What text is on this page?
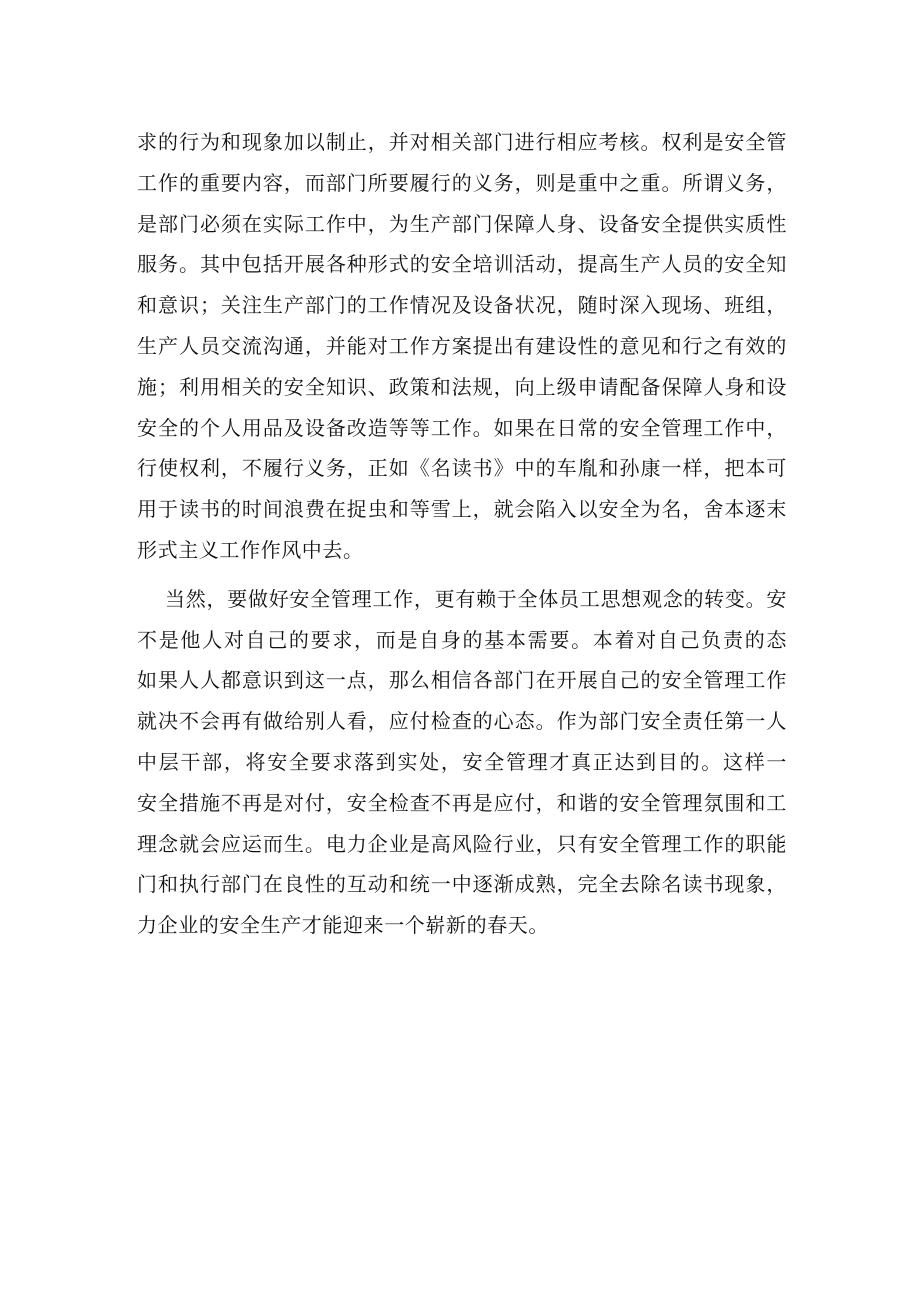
求的行为和现象加以制止，并对相关部门进行相应考核。权利是安全管
工作的重要内容，而部门所要履行的义务，则是重中之重。所谓义务，
是部门必须在实际工作中，为生产部门保障人身、设备安全提供实质性
服务。其中包括开展各种形式的安全培训活动，提高生产人员的安全知
和意识；关注生产部门的工作情况及设备状况，随时深入现场、班组，
生产人员交流沟通，并能对工作方案提出有建设性的意见和行之有效的
施；利用相关的安全知识、政策和法规，向上级申请配备保障人身和设
安全的个人用品及设备改造等等工作。如果在日常的安全管理工作中，
行使权利，不履行义务，正如《名读书》中的车胤和孙康一样，把本可
用于读书的时间浪费在捉虫和等雪上，就会陷入以安全为名，舍本逐末
形式主义工作作风中去。
当然，要做好安全管理工作，更有赖于全体员工思想观念的转变。安
不是他人对自己的要求，而是自身的基本需要。本着对自己负责的态
如果人人都意识到这一点，那么相信各部门在开展自己的安全管理工作
就决不会再有做给别人看，应付检查的心态。作为部门安全责任第一人
中层干部，将安全要求落到实处，安全管理才真正达到目的。这样一
安全措施不再是对付，安全检查不再是应付，和谐的安全管理氛围和工
理念就会应运而生。电力企业是高风险行业，只有安全管理工作的职能
门和执行部门在良性的互动和统一中逐渐成熟，完全去除名读书现象，
力企业的安全生产才能迎来一个崭新的春天。
